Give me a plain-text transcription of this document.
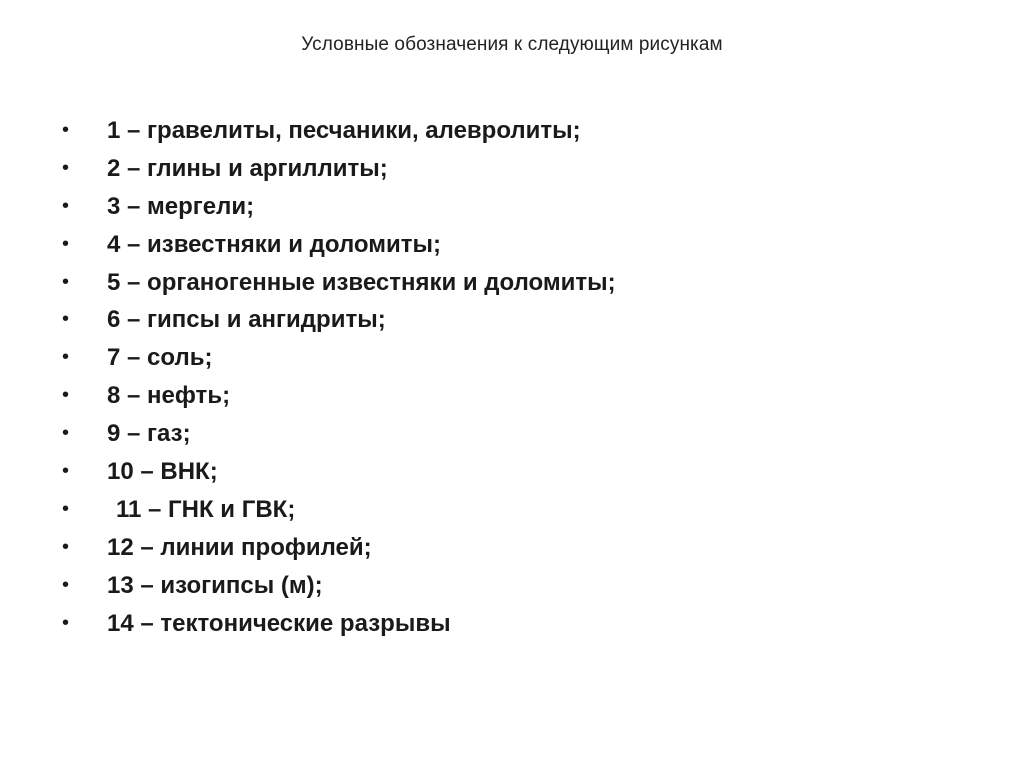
Условные обозначения к следующим рисункам
•	1 – гравелиты, песчаники, алевролиты;
•	2 – глины и аргиллиты;
•	3 – мергели;
•	4 – известняки и доломиты;
•	5 – органогенные известняки и доломиты;
•	6 – гипсы и ангидриты;
•	7 – соль;
•	8 – нефть;
•	9 – газ;
•	10 – ВНК;
•	11 – ГНК и ГВК;
•	12 – линии профилей;
•	13 – изогипсы (м);
•	14 – тектонические разрывы
